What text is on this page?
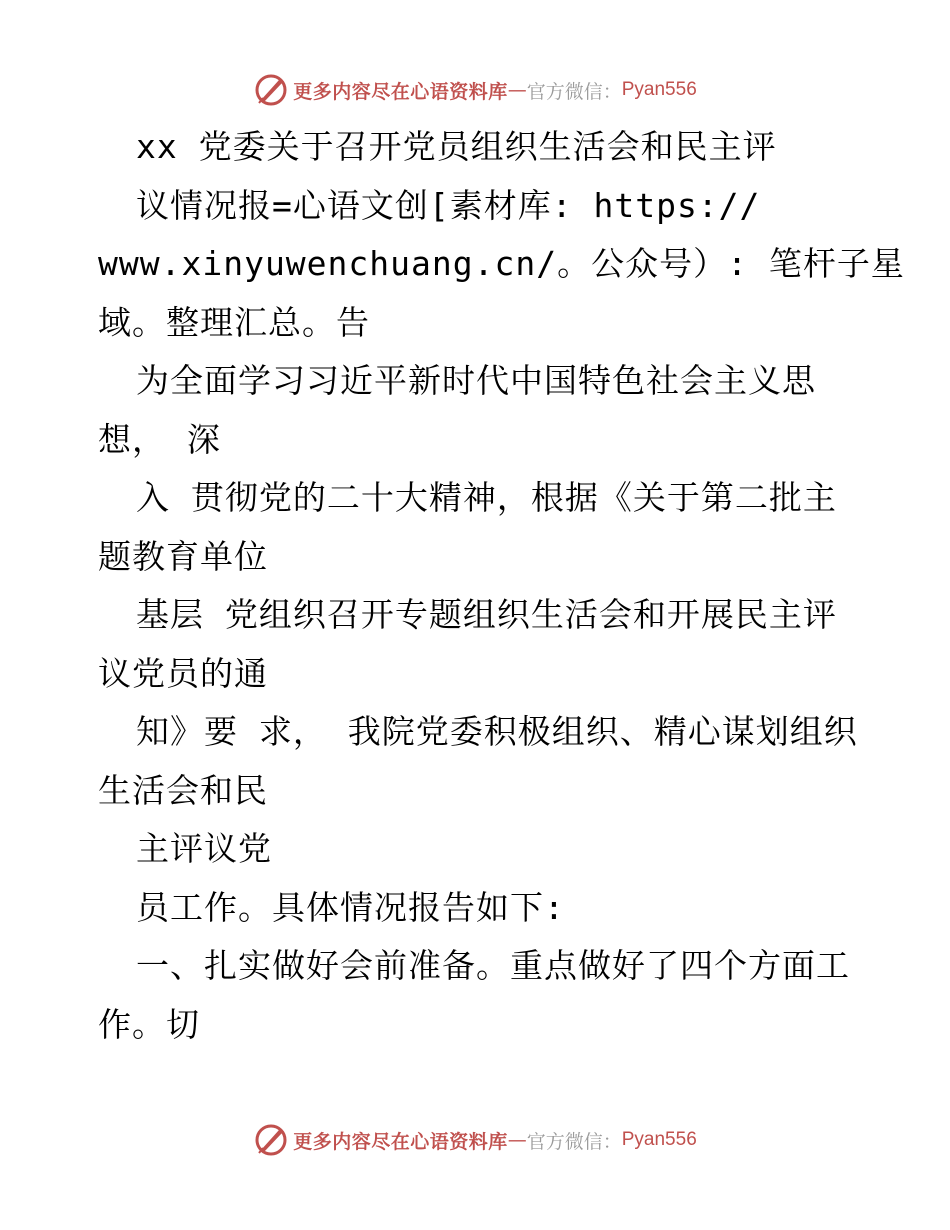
更多内容尽在心语资料库 — 官方微信： Pyan556
xx 党委关于召开党员组织生活会和民主评
议情况报=心语文创[素材库: https://
www.xinyuwenchuang.cn/。公众号）: 笔杆子星
域。整理汇总。告
为全面学习习近平新时代中国特色社会主义思
想， 深
入 贯彻党的二十大精神，根据《关于第二批主
题教育单位
基层 党组织召开专题组织生活会和开展民主评
议党员的通
知》要 求， 我院党委积极组织、精心谋划组织
生活会和民
主评议党
员工作。具体情况报告如下:
一、扎实做好会前准备。重点做好了四个方面工
作。切
更多内容尽在心语资料库 — 官方微信： Pyan556
